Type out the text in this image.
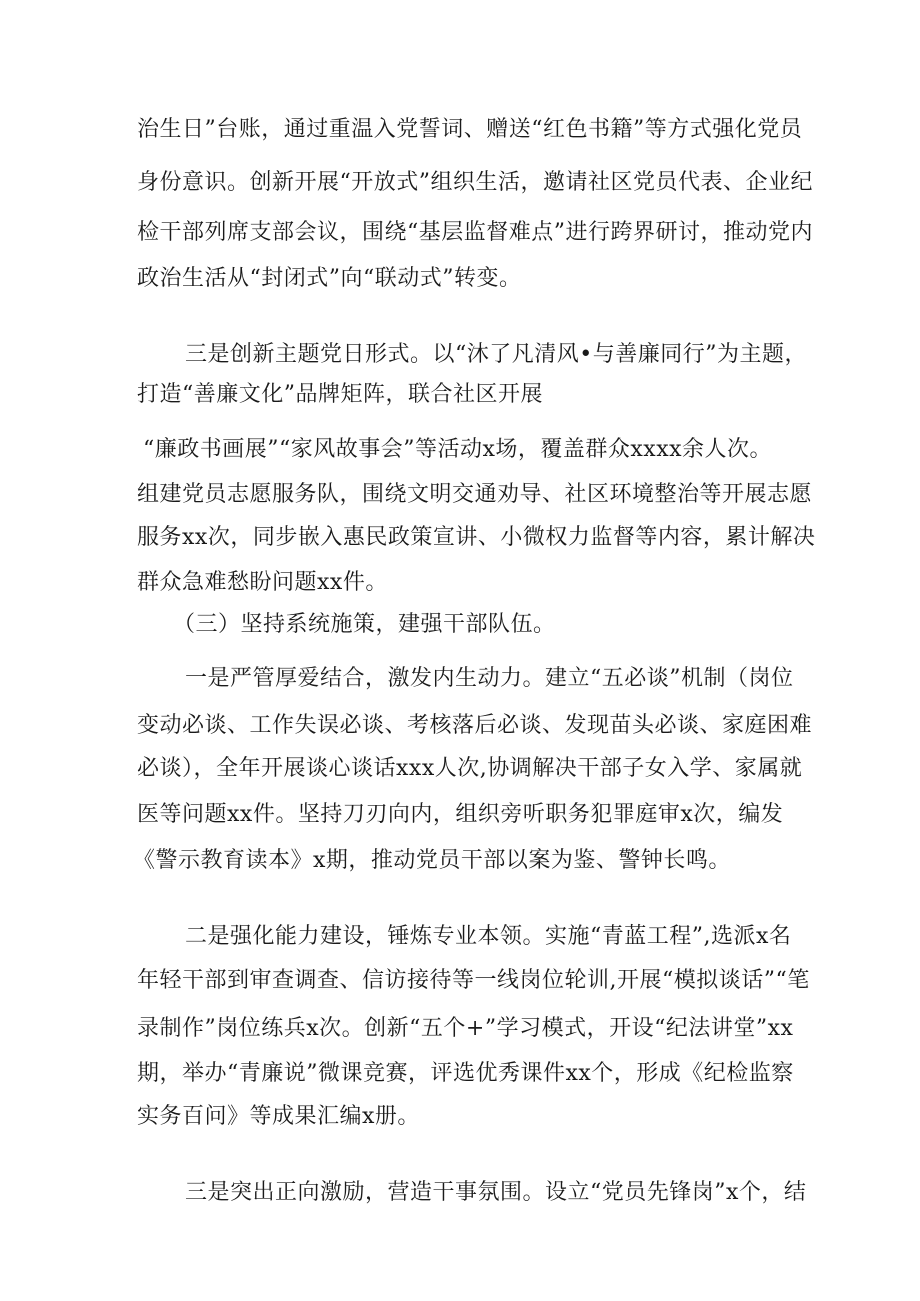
治生日”台账，通过重温入党誓词、赠送“红色书籍”等方式强化党员

身份意识。创新开展“开放式”组织生活，邀请社区党员代表、企业纪

检干部列席支部会议，围绕“基层监督难点”进行跨界研讨，推动党内

政治生活从“封闭式”向“联动式”转变。

三是创新主题党日形式。以“沐了凡清风•与善廉同行”为主题，

打造“善廉文化”品牌矩阵，联合社区开展

“廉政书画展”“家风故事会”等活动x场，覆盖群众xxxx余人次。

组建党员志愿服务队，围绕文明交通劝导、社区环境整治等开展志愿

服务xx次，同步嵌入惠民政策宣讲、小微权力监督等内容，累计解决

群众急难愁盼问题xx件。

（三）坚持系统施策，建强干部队伍。

一是严管厚爱结合，激发内生动力。建立“五必谈”机制（岗位

变动必谈、工作失误必谈、考核落后必谈、发现苗头必谈、家庭困难

必谈），全年开展谈心谈话xxx人次,协调解决干部子女入学、家属就

医等问题xx件。坚持刀刃向内，组织旁听职务犯罪庭审x次，编发

《警示教育读本》x期，推动党员干部以案为鉴、警钟长鸣。

二是强化能力建设，锤炼专业本领。实施“青蓝工程”,选派x名

年轻干部到审查调查、信访接待等一线岗位轮训,开展“模拟谈话”“笔

录制作”岗位练兵x次。创新“五个+”学习模式，开设“纪法讲堂”xx

期，举办“青廉说”微课竞赛，评选优秀课件xx个，形成《纪检监察

实务百问》等成果汇编x册。

三是突出正向激励，营造干事氛围。设立“党员先锋岗”x个，结
